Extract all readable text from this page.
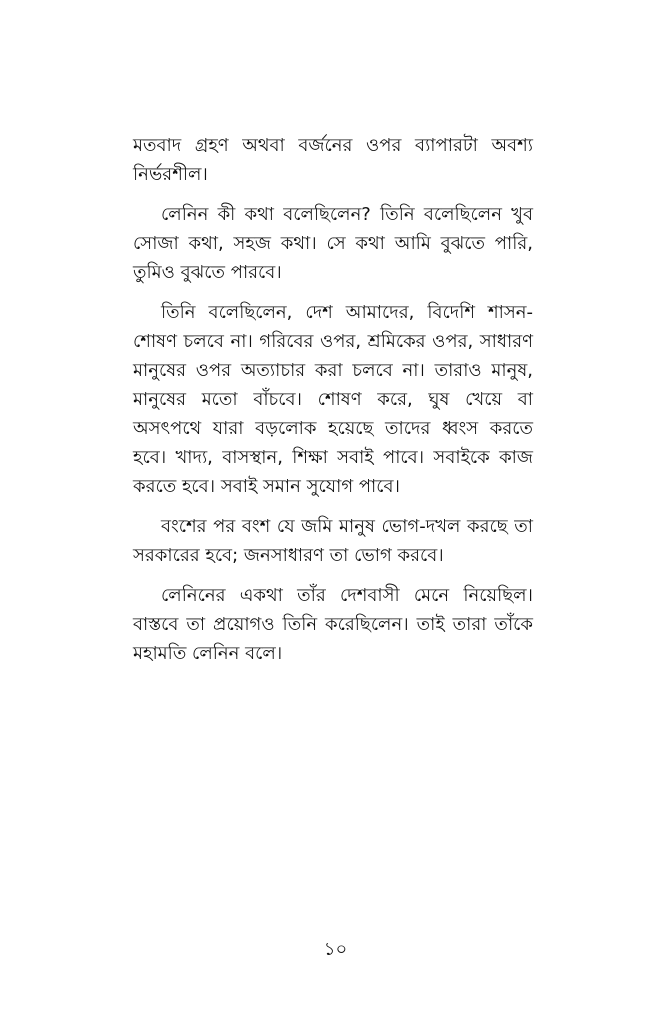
মতবাদ গ্রহণ অথবা বর্জনের ওপর ব্যাপারটা অবশ্য নির্ভরশীল।

লেনিন কী কথা বলেছিলেন? তিনি বলেছিলেন খুব সোজা কথা, সহজ কথা। সে কথা আমি বুঝতে পারি, তুমিও বুঝতে পারবে।

তিনি বলেছিলেন, দেশ আমাদের, বিদেশি শাসন-শোষণ চলবে না। গরিবের ওপর, শ্রমিকের ওপর, সাধারণ মানুষের ওপর অত্যাচার করা চলবে না। তারাও মানুষ, মানুষের মতো বাঁচবে। শোষণ করে, ঘুষ খেয়ে বা অসৎপথে যারা বড়লোক হয়েছে তাদের ধ্বংস করতে হবে। খাদ্য, বাসস্থান, শিক্ষা সবাই পাবে। সবাইকে কাজ করতে হবে। সবাই সমান সুযোগ পাবে।

বংশের পর বংশ যে জমি মানুষ ভোগ-দখল করছে তা সরকারের হবে; জনসাধারণ তা ভোগ করবে।

লেনিনের একথা তাঁর দেশবাসী মেনে নিয়েছিল। বাস্তবে তা প্রয়োগও তিনি করেছিলেন। তাই তারা তাঁকে মহামতি লেনিন বলে।

১০
